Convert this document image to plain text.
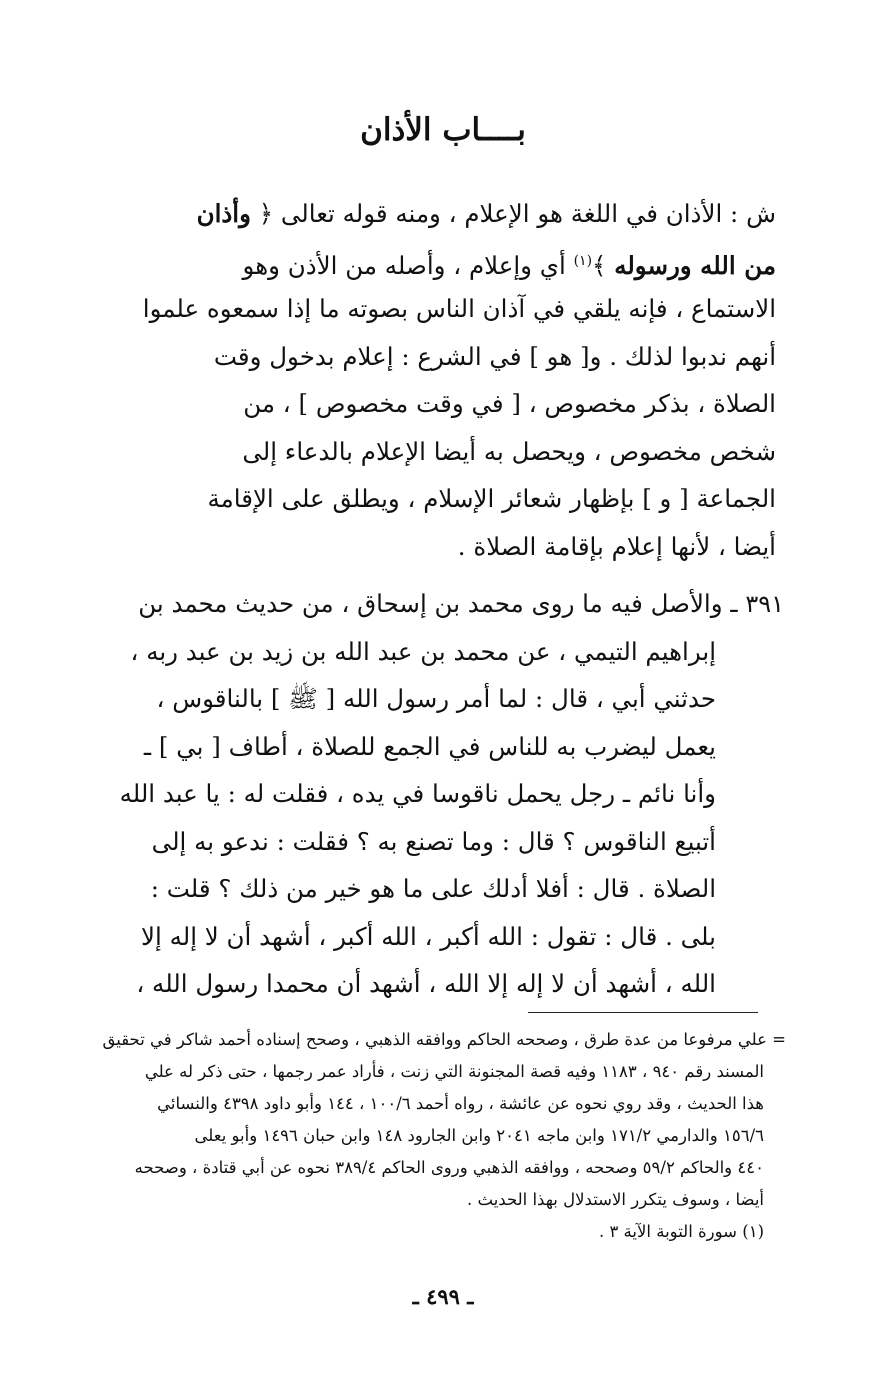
بــــاب الأذان
ش : الأذان في اللغة هو الإعلام ، ومنه قوله تعالى ﴿ وأذان
من الله ورسوله ﴾$^{(١)}$ أي وإعلام ، وأصله من الأذن وهو
الاستماع ، فإنه يلقي في آذان الناس بصوته ما إذا سمعوه علموا
أنهم ندبوا لذلك . و[ هو ] في الشرع : إعلام بدخول وقت
الصلاة ، بذكر مخصوص ، [ في وقت مخصوص ] ، من
شخص مخصوص ، ويحصل به أيضا الإعلام بالدعاء إلى
الجماعة [ و ] بإظهار شعائر الإسلام ، ويطلق على الإقامة
أيضا ، لأنها إعلام بإقامة الصلاة .
٣٩١ ـ والأصل فيه ما روى محمد بن إسحاق ، من حديث محمد بن
إبراهيم التيمي ، عن محمد بن عبد الله بن زيد بن عبد ربه ،
حدثني أبي ، قال : لما أمر رسول الله [ ﷺ ] بالناقوس ،
يعمل ليضرب به للناس في الجمع للصلاة ، أطاف [ بي ] ـ
وأنا نائم ـ رجل يحمل ناقوسا في يده ، فقلت له : يا عبد الله
أتبيع الناقوس ؟ قال : وما تصنع به ؟ فقلت : ندعو به إلى
الصلاة . قال : أفلا أدلك على ما هو خير من ذلك ؟ قلت :
بلى . قال : تقول : الله أكبر ، الله أكبر ، أشهد أن لا إله إلا
الله ، أشهد أن لا إله إلا الله ، أشهد أن محمدا رسول الله ،
= علي مرفوعا من عدة طرق ، وصححه الحاكم ووافقه الذهبي ، وصحح إسناده أحمد شاكر في تحقيق
المسند رقم ٩٤٠ ، ١١٨٣ وفيه قصة المجنونة التي زنت ، فأراد عمر رجمها ، حتى ذكر له علي
هذا الحديث ، وقد روي نحوه عن عائشة ، رواه أحمد ١٠٠/٦ ، ١٤٤ وأبو داود ٤٣٩٨ والنسائي
١٥٦/٦ والدارمي ١٧١/٢ وابن ماجه ٢٠٤١ وابن الجارود ١٤٨ وابن حبان ١٤٩٦ وأبو يعلى
٤٤٠ والحاكم ٥٩/٢ وصححه ، ووافقه الذهبي وروى الحاكم ٣٨٩/٤ نحوه عن أبي قتادة ، وصححه
أيضا ، وسوف يتكرر الاستدلال بهذا الحديث .
(١) سورة التوبة الآية ٣ .
ـ ٤٩٩ ـ
